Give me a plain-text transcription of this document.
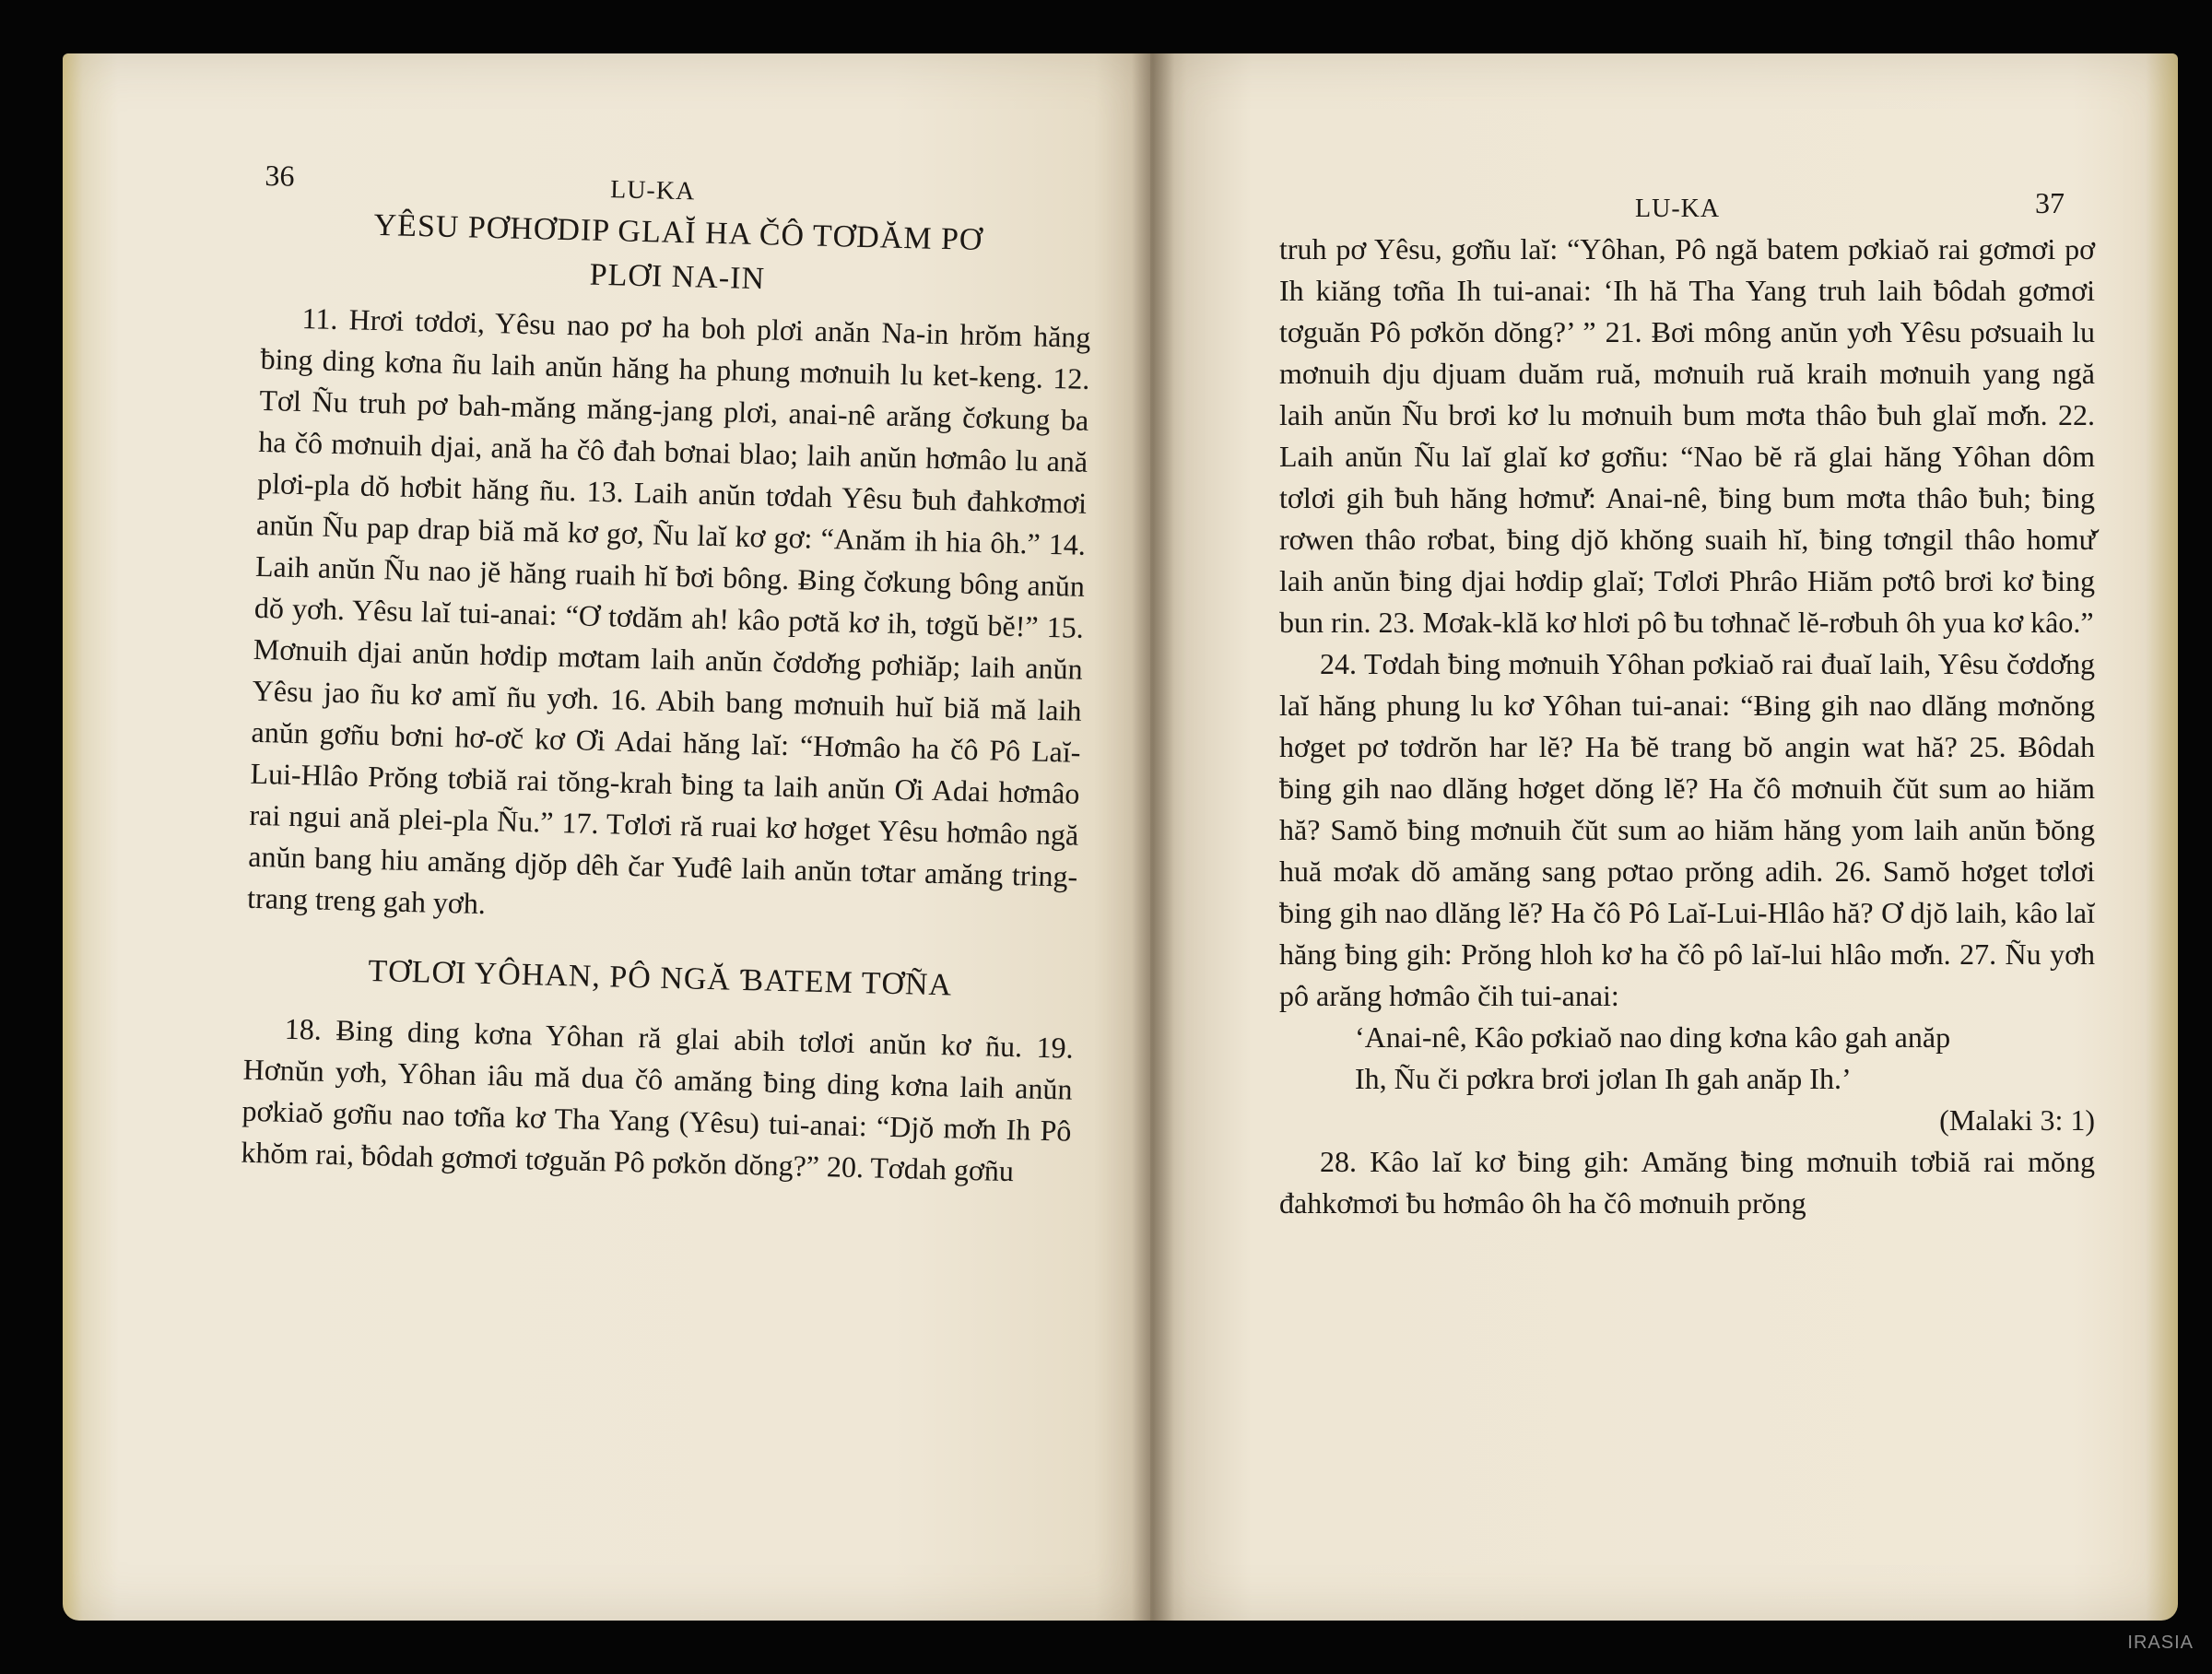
36	LU-KA
YÊSU PƠHƠDIP GLAĬ HA ČÔ TƠDĂM PƠ
PLƠI NA-IN

11. Hrơi tơdơi, Yêsu nao pơ ha boh plơi anăn Na-in hrŏm hăng ƀing ding kơna ñu laih anŭn hăng ha phung mơnuih lu ket-keng. 12. Tơl Ñu truh pơ bah-măng măng-jang plơi, anai-nê arăng čơkung ba ha čô mơnuih djai, ană ha čô đah bơnai blao; laih anŭn hơmâo lu ană plơi-pla dŏ hơbit hăng ñu. 13. Laih anŭn tơdah Yêsu ƀuh đahkơmơi anŭn Ñu pap drap biă mă kơ gơ, Ñu laĭ kơ gơ: “Anăm ih hia ôh.” 14. Laih anŭn Ñu nao jĕ hăng ruaih hĭ ƀơi bông. Ƀing čơkung bông anŭn dŏ yơh. Yêsu laĭ tui-anai: “Ơ tơdăm ah! kâo pơtă kơ ih, tơgŭ bĕ!” 15. Mơnuih djai anŭn hơdip mơtam laih anŭn čơdơ̆ng pơhiăp; laih anŭn Yêsu jao ñu kơ amĭ ñu yơh. 16. Abih bang mơnuih huĭ biă mă laih anŭn gơñu bơni hơ-ơč kơ Ơi Adai hăng laĭ: “Hơmâo ha čô Pô Laĭ-Lui-Hlâo Prŏng tơbiă rai tŏng-krah ƀing ta laih anŭn Ơi Adai hơmâo rai ngui ană plei-pla Ñu.” 17. Tơlơi ră ruai kơ hơget Yêsu hơmâo ngă anŭn bang hiu amăng djŏp dêh čar Yuđê laih anŭn tơtar amăng tring-trang treng gah yơh.

TƠLƠI YÔHAN, PÔ NGĂ ƁATEM TƠÑA

18. Ƀing ding kơna Yôhan ră glai abih tơlơi anŭn kơ ñu. 19. Hơnŭn yơh, Yôhan iâu mă dua čô amăng ƀing ding kơna laih anŭn pơkiaŏ gơñu nao tơña kơ Tha Yang (Yêsu) tui-anai: “Djŏ mơ̆n Ih Pô khŏm rai, ƀôdah gơmơi tơguăn Pô pơkŏn dŏng?” 20. Tơdah gơñu

LU-KA	37

truh pơ Yêsu, gơñu laĭ: “Yôhan, Pô ngă batem pơkiaŏ rai gơmơi pơ Ih kiăng tơña Ih tui-anai: ‘Ih hă Tha Yang truh laih ƀôdah gơmơi tơguăn Pô pơkŏn dŏng?’ ” 21. Ƀơi mông anŭn yơh Yêsu pơsuaih lu mơnuih dju djuam duăm ruă, mơnuih ruă kraih mơnuih yang ngă laih anŭn Ñu brơi kơ lu mơnuih bum mơta thâo ƀuh glaĭ mơ̆n. 22. Laih anŭn Ñu laĭ glaĭ kơ gơñu: “Nao bĕ ră glai hăng Yôhan dôm tơlơi gih ƀuh hăng hơmư̆: Anai-nê, ƀing bum mơta thâo ƀuh; ƀing rơwen thâo rơbat, ƀing djŏ khŏng suaih hĭ, ƀing tơngil thâo homư̆ laih anŭn ƀing djai hơdip glaĭ; Tơlơi Phrâo Hiăm pơtô brơi kơ ƀing bun rin. 23. Mơak-klă kơ hlơi pô ƀu tơhnač lĕ-rơbuh ôh yua kơ kâo.”

24. Tơdah ƀing mơnuih Yôhan pơkiaŏ rai đuaĭ laih, Yêsu čơdơ̆ng laĭ hăng phung lu kơ Yôhan tui-anai: “Ƀing gih nao dlăng mơnŏng hơget pơ tơdrŏn har lĕ? Ha ƀĕ trang bŏ angin wat hă? 25. Ƀôdah ƀing gih nao dlăng hơget dŏng lĕ? Ha čô mơnuih čŭt sum ao hiăm hă? Samŏ ƀing mơnuih čŭt sum ao hiăm hăng yom laih anŭn ƀŏng huă mơak dŏ amăng sang pơtao prŏng adih. 26. Samŏ hơget tơlơi ƀing gih nao dlăng lĕ? Ha čô Pô Laĭ-Lui-Hlâo hă? Ơ djŏ laih, kâo laĭ hăng ƀing gih: Prŏng hloh kơ ha čô pô laĭ-lui hlâo mơ̆n. 27. Ñu yơh pô arăng hơmâo čih tui-anai:

‘Anai-nê, Kâo pơkiaŏ nao ding kơna kâo gah anăp

Ih, Ñu či pơkra brơi jơlan Ih gah anăp Ih.’

(Malaki 3: 1)

28. Kâo laĭ kơ ƀing gih: Amăng ƀing mơnuih tơbiă rai mŏng đahkơmơi ƀu hơmâo ôh ha čô mơnuih prŏng

IRASIA
